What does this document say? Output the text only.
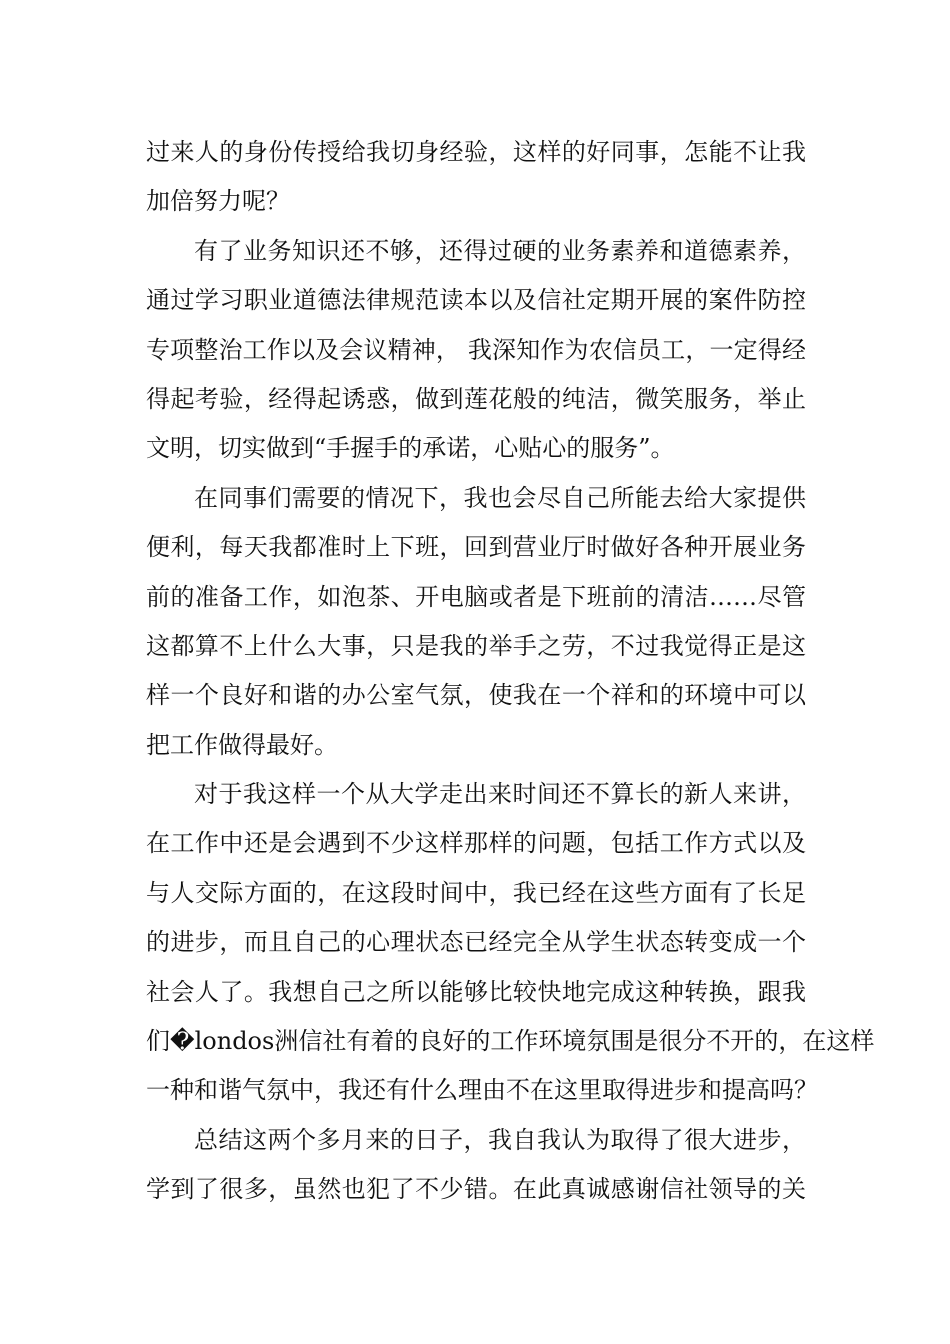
过来人的身份传授给我切身经验，这样的好同事，怎能不让我
加倍努力呢？
有了业务知识还不够，还得过硬的业务素养和道德素养，
通过学习职业道德法律规范读本以及信社定期开展的案件防控
专项整治工作以及会议精神， 我深知作为农信员工，一定得经
得起考验，经得起诱惑，做到莲花般的纯洁，微笑服务，举止
文明，切实做到“手握手的承诺，心贴心的服务”。
在同事们需要的情况下，我也会尽自己所能去给大家提供
便利，每天我都准时上下班，回到营业厅时做好各种开展业务
前的准备工作，如泡茶、开电脑或者是下班前的清洁……尽管
这都算不上什么大事，只是我的举手之劳，不过我觉得正是这
样一个良好和谐的办公室气氛，使我在一个祥和的环境中可以
把工作做得最好。
对于我这样一个从大学走出来时间还不算长的新人来讲，
在工作中还是会遇到不少这样那样的问题，包括工作方式以及
与人交际方面的，在这段时间中，我已经在这些方面有了长足
的进步，而且自己的心理状态已经完全从学生状态转变成一个
社会人了。我想自己之所以能够比较快地完成这种转换，跟我
们�londos洲信社有着的良好的工作环境氛围是很分不开的，在这样
一种和谐气氛中，我还有什么理由不在这里取得进步和提高吗？
总结这两个多月来的日子，我自我认为取得了很大进步，
学到了很多，虽然也犯了不少错。在此真诚感谢信社领导的关
